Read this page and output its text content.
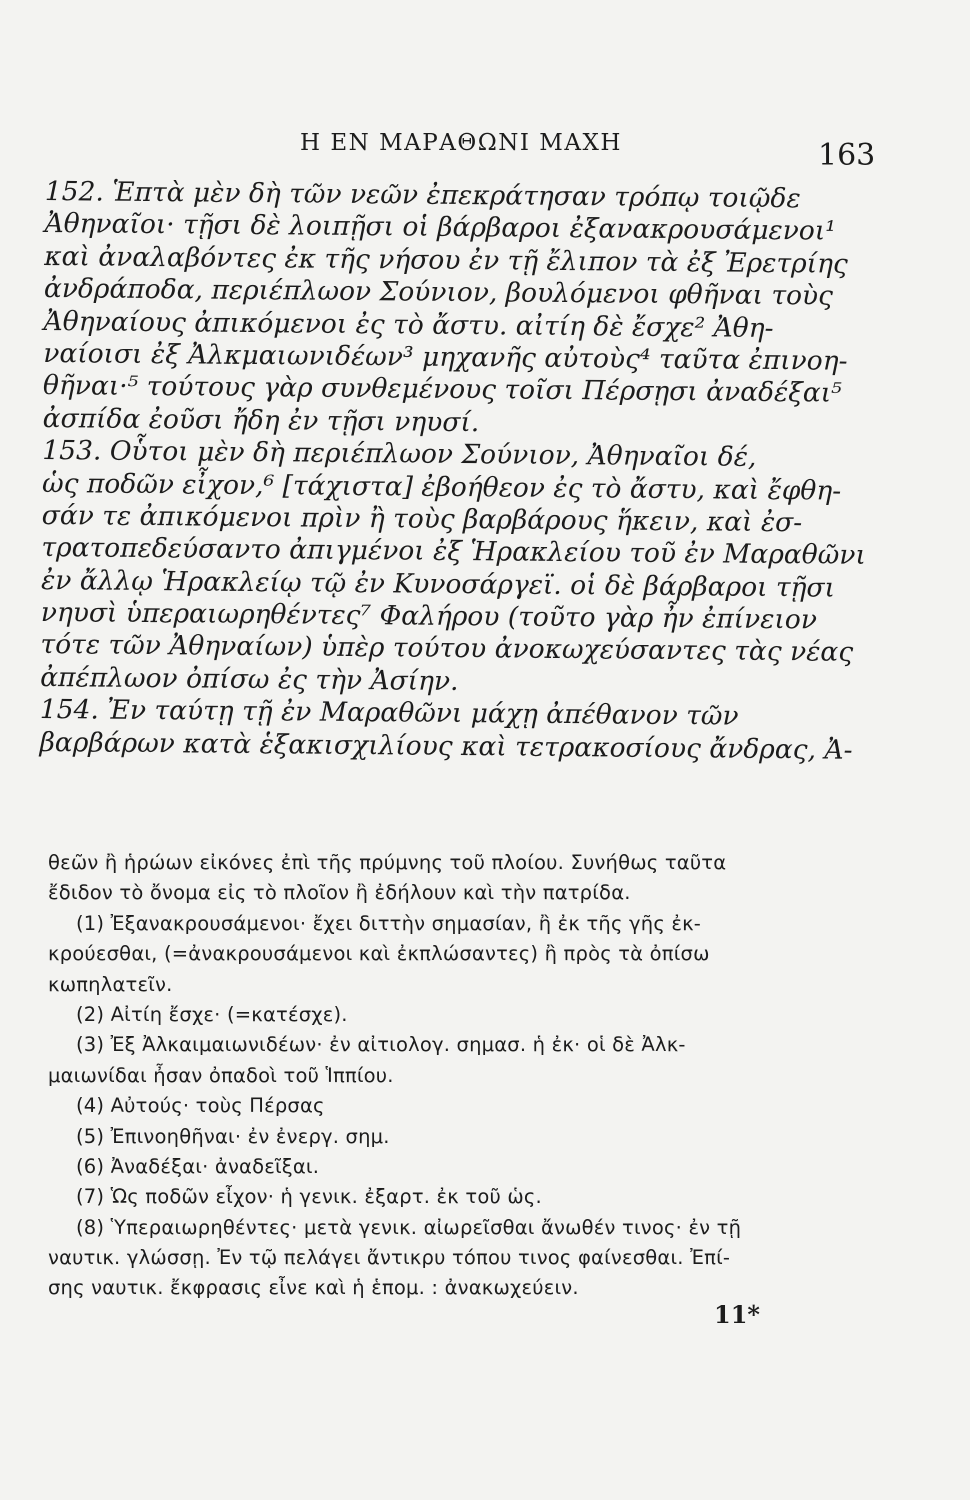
Η ΕΝ ΜΑΡΑΘΩΝΙ ΜΑΧΗ	163
152. Ἑπτὰ μὲν δὴ τῶν νεῶν ἐπεκράτησαν τρόπῳ τοιῷδε
Ἀθηναῖοι· τῇσι δὲ λοιπῇσι οἱ βάρβαροι ἐξανακρουσάμενοι¹
καὶ ἀναλαβόντες ἐκ τῆς νήσου ἐν τῇ ἔλιπον τὰ ἐξ Ἐρετρίης
ἀνδράποδα, περιέπλωον Σούνιον, βουλόμενοι φθῆναι τοὺς
Ἀθηναίους ἀπικόμενοι ἐς τὸ ἄστυ. αἰτίη δὲ ἔσχε² Ἀθη-
ναίοισι ἐξ Ἀλκμαιωνιδέων³ μηχανῆς αὐτοὺς⁴ ταῦτα ἐπινοη-
θῆναι·⁵ τούτους γὰρ συνθεμένους τοῖσι Πέρσῃσι ἀναδέξαι⁵
ἀσπίδα ἐοῦσι ἤδη ἐν τῇσι νηυσί.
153. Οὗτοι μὲν δὴ περιέπλωον Σούνιον, Ἀθηναῖοι δέ,
ὡς ποδῶν εἶχον,⁶ [τάχιστα] ἐβοήθεον ἐς τὸ ἄστυ, καὶ ἔφθη-
σάν τε ἀπικόμενοι πρὶν ἢ τοὺς βαρβάρους ἥκειν, καὶ ἐσ-
τρατοπεδεύσαντο ἀπιγμένοι ἐξ Ἡρακλείου τοῦ ἐν Μαραθῶνι
ἐν ἄλλῳ Ἡρακλείῳ τῷ ἐν Κυνοσάργεϊ. οἱ δὲ βάρβαροι τῇσι
νηυσὶ ὑπεραιωρηθέντες⁷ Φαλήρου (τοῦτο γὰρ ἦν ἐπίνειον
τότε τῶν Ἀθηναίων) ὑπὲρ τούτου ἀνοκωχεύσαντες τὰς νέας
ἀπέπλωον ὀπίσω ἐς τὴν Ἀσίην.
154. Ἐν ταύτῃ τῇ ἐν Μαραθῶνι μάχῃ ἀπέθανον τῶν
βαρβάρων κατὰ ἑξακισχιλίους καὶ τετρακοσίους ἄνδρας, Ἀ-
θεῶν ἢ ἡρώων εἰκόνες ἐπὶ τῆς πρύμνης τοῦ πλοίου. Συνήθως ταῦτα
ἔδιδον τὸ ὄνομα εἰς τὸ πλοῖον ἢ ἐδήλουν καὶ τὴν πατρίδα.
(1) Ἐξανακρουσάμενοι· ἔχει διττὴν σημασίαν, ἢ ἐκ τῆς γῆς ἐκ-
κρούεσθαι, (=ἀνακρουσάμενοι καὶ ἐκπλώσαντες) ἢ πρὸς τὰ ὀπίσω
κωπηλατεῖν.
(2) Αἰτίη ἔσχε· (=κατέσχε).
(3) Ἐξ Ἀλκαιμαιωνιδέων· ἐν αἰτιολογ. σημασ. ἡ ἐκ· οἱ δὲ Ἀλκ-
μαιωνίδαι ἦσαν ὀπαδοὶ τοῦ Ἱππίου.
(4) Αὐτούς· τοὺς Πέρσας
(5) Ἐπινοηθῆναι· ἐν ἐνεργ. σημ.
(6) Ἀναδέξαι· ἀναδεῖξαι.
(7) Ὡς ποδῶν εἶχον· ἡ γενικ. ἐξαρτ. ἐκ τοῦ ὡς.
(8) Ὑπεραιωρηθέντες· μετὰ γενικ. αἰωρεῖσθαι ἄνωθέν τινος· ἐν τῇ
ναυτικ. γλώσσῃ. Ἐν τῷ πελάγει ἄντικρυ τόπου τινος φαίνεσθαι. Ἐπί-
σης ναυτικ. ἔκφρασις εἶνε καὶ ἡ ἑπομ. : ἀνακωχεύειν.
11*
